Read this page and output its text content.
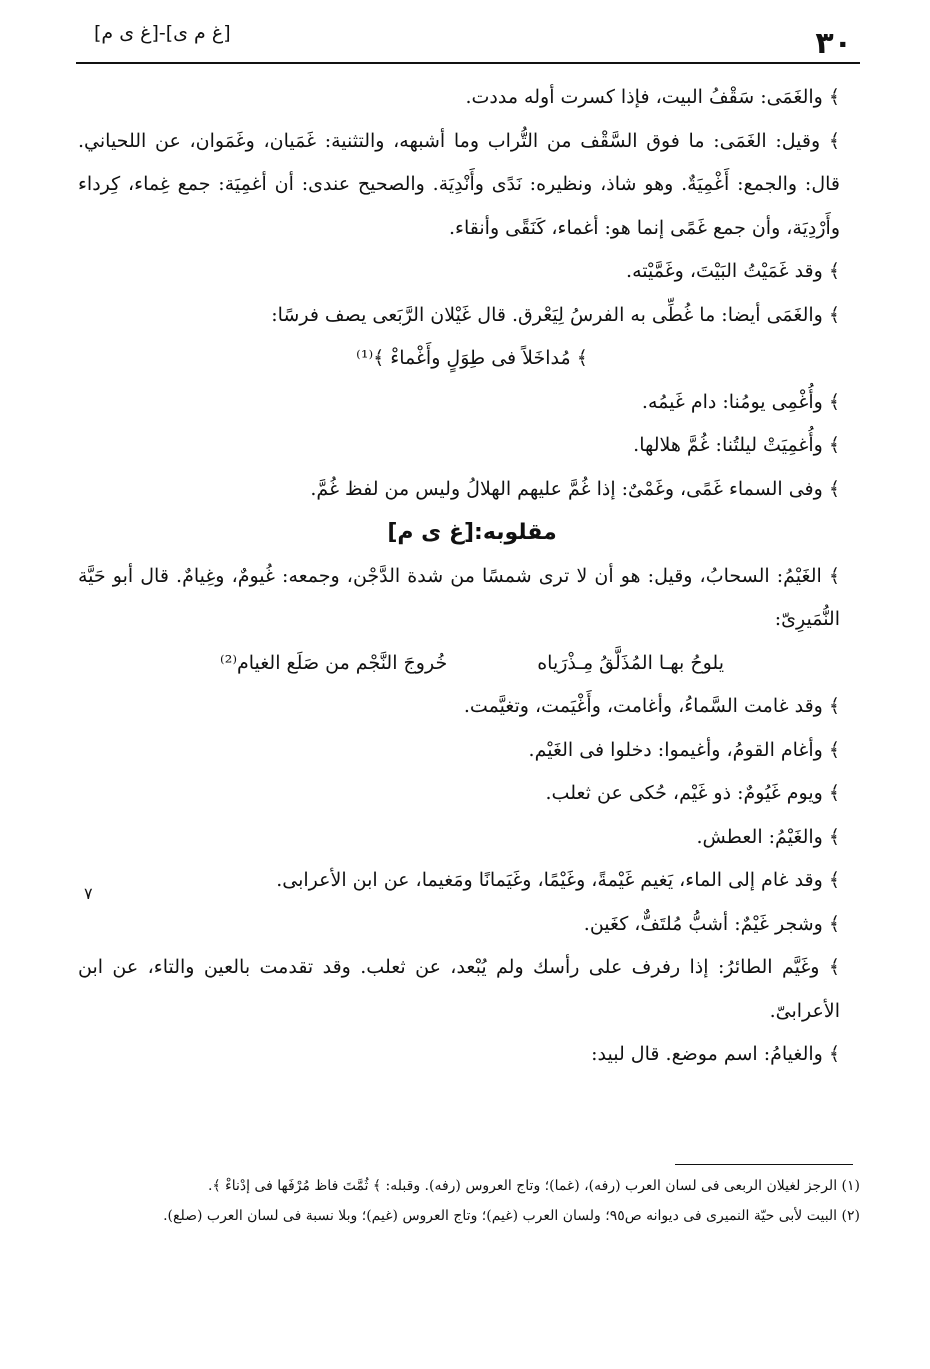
٣٠
[غ م ى]-[غ ى م]

﴾ والغَمَى: سَقْفُ البيت، فإذا كسرت أوله مددت.

﴾ وقيل: الغَمَى: ما فوق السَّقْف من التُّراب وما أشبهه، والتثنية: غَمَيان، وغَمَوان، عن اللحياني. قال: والجمع: أَغْمِيَةٌ. وهو شاذ، ونظيره: نَدًى وأَنْدِيَة. والصحيح عندى: أن أغمِيَة: جمع غِماء، كِرداء وأَرْدِيَة، وأن جمع غَمًى إنما هو: أغماء، كَنَقًى وأنقاء.

﴾ وقد غَمَيْتُ البَيْتَ، وغَمَّيْته.

﴾ والغَمَى أيضا: ما غُطِّى به الفرسُ لِيَعْرق. قال غَيْلان الرَّبَعى يصف فرسًا:

﴾ مُداخَلاً فى طِوَلٍ وأَغْماءْ ﴾⁽¹⁾

﴾ وأُغْمِى يومُنا: دام غَيمُه.

﴾ وأُغمِيَتْ ليلتُنا: غُمَّ هلالها.

﴾ وفى السماء غَمًى، وغَمْىٌ: إذا غُمَّ عليهم الهلالُ وليس من لفظ غُمَّ.

مقلوبه:[غ ى م]

﴾ الغَيْمُ: السحابُ، وقيل: هو أن لا ترى شمسًا من شدة الدَّجْن، وجمعه: غُيومٌ، وغِيامٌ. قال أبو حَيَّة النُّمَيرِىّ:

يلوحُ بهـا المُذَلَّقُ مِـذْرَياه
خُروجَ النَّجْم من صَلَع الغيام⁽²⁾

﴾ وقد غامت السَّماءُ، وأغامت، وأَغْيَمت، وتغيَّمت.

﴾ وأغام القومُ، وأغيموا: دخلوا فى الغَيْم.

﴾ ويوم غَيُومٌ: ذو غَيْم، حُكى عن ثعلب.

﴾ والغَيْمُ: العطش.

﴾ وقد غام إلى الماء، يَغيم غَيْمةً، وغَيْمًا، وغَيَمانًا ومَغيما، عن ابن الأعرابى.

﴾ وشجر غَيْمٌ: أشبُّ مُلتَفٌّ، كغَين.

﴾ وغَيَّم الطائرُ: إذا رفرف على رأسك ولم يُبْعد، عن ثعلب. وقد تقدمت بالعين والتاء، عن ابن الأعرابىّ.

﴾ والغيامُ: اسم موضع. قال لبيد:

٧

(١) الرجز لغيلان الربعى فى لسان العرب (رفه)، (غما)؛ وتاج العروس (رفه). وقبله: ﴾ ثُمَّتَ فاظ مُرْفَها فى إدْناءْ ﴾.

(٢) البيت لأبى حيّة النميرى فى ديوانه ص٩٥؛ ولسان العرب (غيم)؛ وتاج العروس (غيم)؛ وبلا نسبة فى لسان العرب (صلع).
